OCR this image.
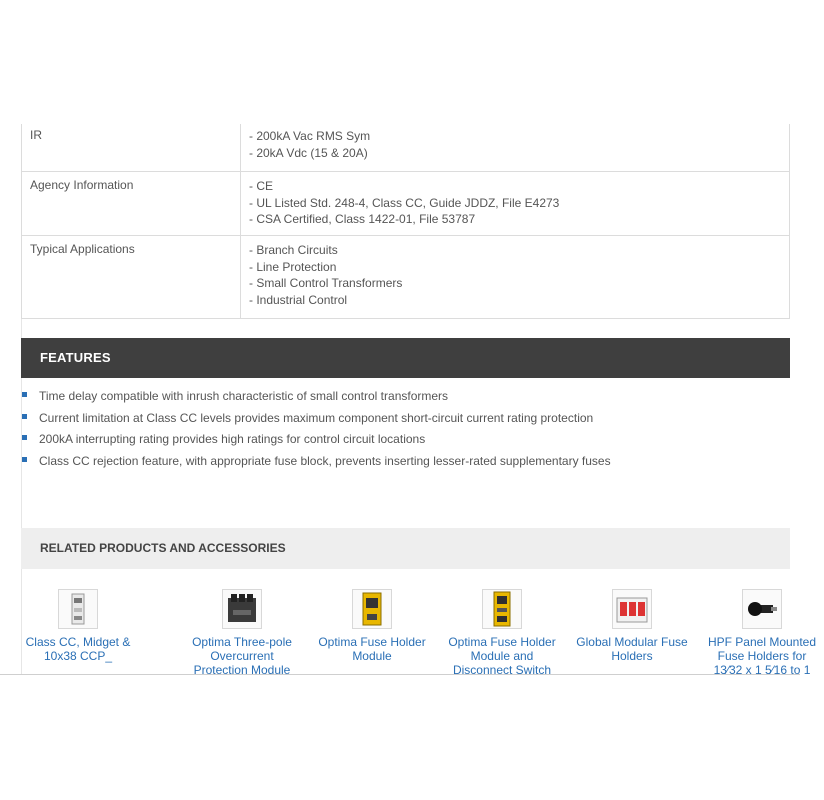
IR	- 200kA Vac RMS Sym
- 20kA Vdc (15 & 20A)

Agency Information	- CE
- UL Listed Std. 248-4, Class CC, Guide JDDZ, File E4273
- CSA Certified, Class 1422-01, File 53787

Typical Applications	- Branch Circuits
- Line Protection
- Small Control Transformers
- Industrial Control
FEATURES
Time delay compatible with inrush characteristic of small control transformers
Current limitation at Class CC levels provides maximum component short-circuit current rating protection
200kA interrupting rating provides high ratings for control circuit locations
Class CC rejection feature, with appropriate fuse block, prevents inserting lesser-rated supplementary fuses
RELATED PRODUCTS AND ACCESSORIES
Class CC, Midget &
10x38 CCP_
Optima Three-pole
Overcurrent
Protection Module
Optima Fuse Holder
Module
Optima Fuse Holder
Module and
Disconnect Switch
Global Modular Fuse
Holders
HPF Panel Mounted
Fuse Holders for
13⁄32 x 1 5⁄16 to 1
